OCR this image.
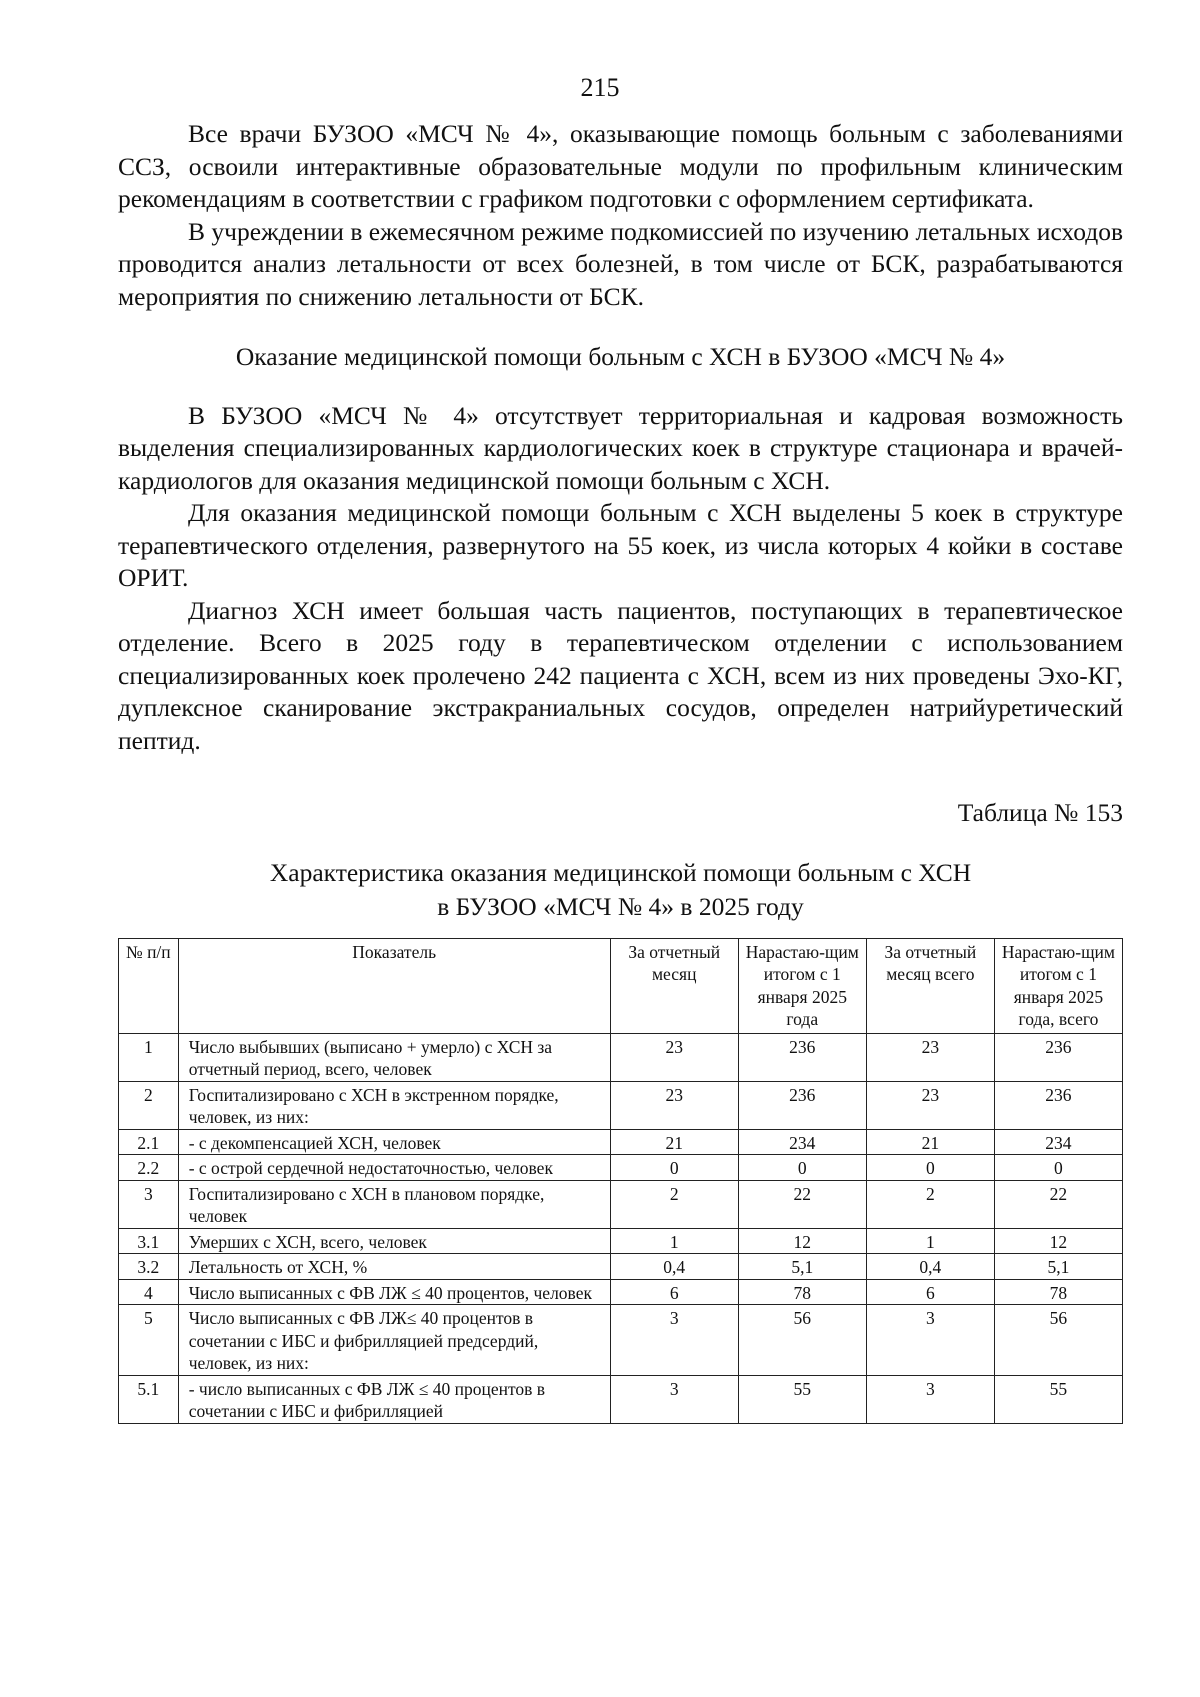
215

Все врачи БУЗОО «МСЧ № 4», оказывающие помощь больным с заболеваниями ССЗ, освоили интерактивные образовательные модули по профильным клиническим рекомендациям в соответствии с графиком подготовки с оформлением сертификата.

В учреждении в ежемесячном режиме подкомиссией по изучению летальных исходов проводится анализ летальности от всех болезней, в том числе от БСК, разрабатываются мероприятия по снижению летальности от БСК.

Оказание медицинской помощи больным с ХСН в БУЗОО «МСЧ № 4»

В БУЗОО «МСЧ № 4» отсутствует территориальная и кадровая возможность выделения специализированных кардиологических коек в структуре стационара и врачей-кардиологов для оказания медицинской помощи больным с ХСН.

Для оказания медицинской помощи больным с ХСН выделены 5 коек в структуре терапевтического отделения, развернутого на 55 коек, из числа которых 4 койки в составе ОРИТ.

Диагноз ХСН имеет большая часть пациентов, поступающих в терапевтическое отделение. Всего в 2025 году в терапевтическом отделении с использованием специализированных коек пролечено 242 пациента с ХСН, всем из них проведены Эхо-КГ, дуплексное сканирование экстракраниальных сосудов, определен натрийуретический пептид.

Таблица № 153

Характеристика оказания медицинской помощи больным с ХСН
в БУЗОО «МСЧ № 4» в 2025 году
№ п/п	Показатель	За отчетный месяц	Нарастаю-щим итогом с 1 января 2025 года	За отчетный месяц всего	Нарастаю-щим итогом с 1 января 2025 года, всего
1	Число выбывших (выписано + умерло) с ХСН за отчетный период, всего, человек	23	236	23	236
2	Госпитализировано с ХСН в экстренном порядке, человек, из них:	23	236	23	236
2.1	- с декомпенсацией ХСН, человек	21	234	21	234
2.2	- с острой сердечной недостаточностью, человек	0	0	0	0
3	Госпитализировано с ХСН в плановом порядке, человек	2	22	2	22
3.1	Умерших с ХСН, всего, человек	1	12	1	12
3.2	Летальность от ХСН, %	0,4	5,1	0,4	5,1
4	Число выписанных с ФВ ЛЖ ≤ 40 процентов, человек	6	78	6	78
5	Число выписанных с ФВ ЛЖ≤ 40 процентов в сочетании с ИБС и фибрилляцией предсердий, человек, из них:	3	56	3	56
5.1	- число выписанных с ФВ ЛЖ ≤ 40 процентов в сочетании с ИБС и фибрилляцией	3	55	3	55
